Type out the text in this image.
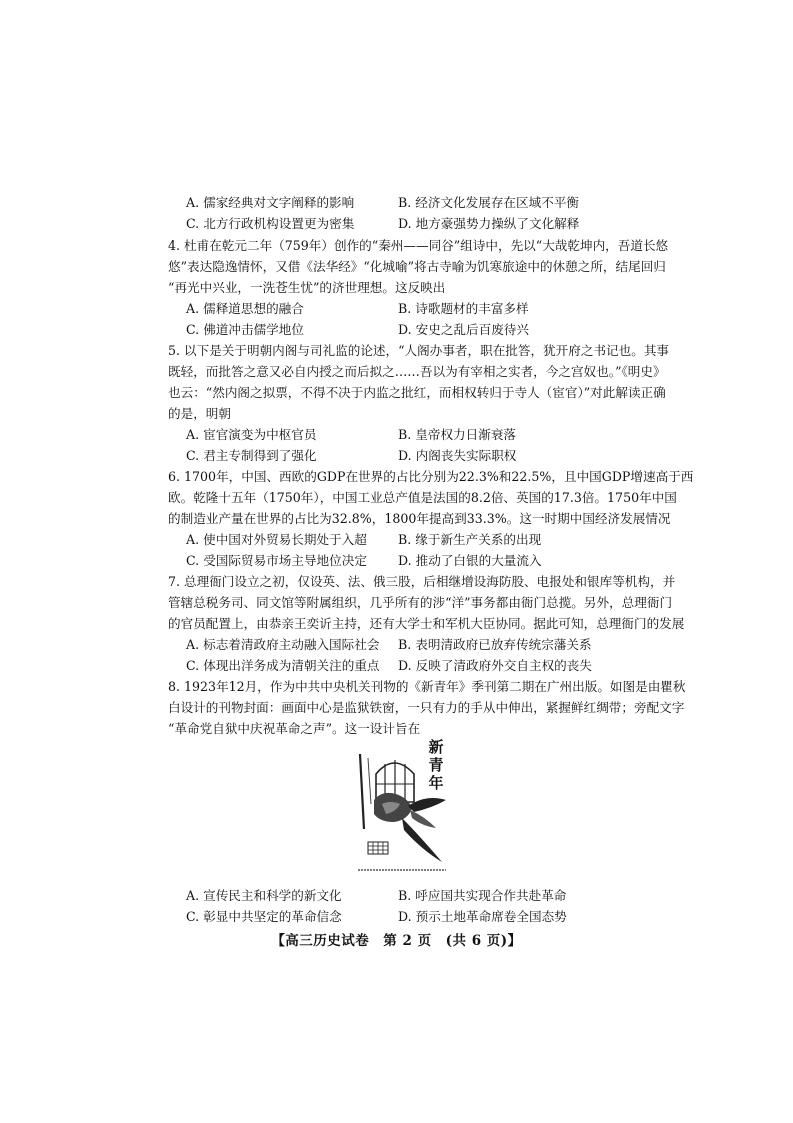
A. 儒家经典对文字阐释的影响	B. 经济文化发展存在区域不平衡
C. 北方行政机构设置更为密集	D. 地方豪强势力操纵了文化解释
4. 杜甫在乾元二年（759年）创作的“秦州——同谷”组诗中，先以“大哉乾坤内，吾道长悠
悠”表达隐逸情怀，又借《法华经》“化城喻”将古寺喻为饥寒旅途中的休憩之所，结尾回归
“再光中兴业，一洗苍生忧”的济世理想。这反映出
A. 儒释道思想的融合	B. 诗歌题材的丰富多样
C. 佛道冲击儒学地位	D. 安史之乱后百废待兴
5. 以下是关于明朝内阁与司礼监的论述，“人阁办事者，职在批答，犹开府之书记也。其事
既轻，而批答之意又必自内授之而后拟之……吾以为有宰相之实者，今之宫奴也。”《明史》
也云：“然内阁之拟票，不得不决于内监之批红，而相权转归于寺人（宦官）”对此解读正确
的是，明朝
A. 宦官演变为中枢官员	B. 皇帝权力日渐衰落
C. 君主专制得到了强化	D. 内阁丧失实际职权
6. 1700年，中国、西欧的GDP在世界的占比分别为22.3%和22.5%，且中国GDP增速高于西
欧。乾隆十五年（1750年），中国工业总产值是法国的8.2倍、英国的17.3倍。1750年中国
的制造业产量在世界的占比为32.8%，1800年提高到33.3%。这一时期中国经济发展情况
A. 使中国对外贸易长期处于入超 B. 缘于新生产关系的出现
C. 受国际贸易市场主导地位决定 D. 推动了白银的大量流入
7. 总理衙门设立之初，仅设英、法、俄三股，后相继增设海防股、电报处和银库等机构，并
管辖总税务司、同文馆等附属组织，几乎所有的涉“洋”事务都由衙门总揽。另外，总理衙门
的官员配置上，由恭亲王奕䜣主持，还有大学士和军机大臣协同。据此可知，总理衙门的发展
A. 标志着清政府主动融入国际社会 B. 表明清政府已放弃传统宗藩关系
C. 体现出洋务成为清朝关注的重点 D. 反映了清政府外交自主权的丧失
8. 1923年12月，作为中共中央机关刊物的《新青年》季刊第二期在广州出版。如图是由瞿秋
白设计的刊物封面：画面中心是监狱铁窗，一只有力的手从中伸出，紧握鲜红绸带；旁配文字
“革命党自狱中庆祝革命之声”。这一设计旨在
新
青
年
A. 宣传民主和科学的新文化	B. 呼应国共实现合作共赴革命
C. 彰显中共坚定的革命信念	D. 预示土地革命席卷全国态势
【高三历史试卷　第 2 页　(共 6 页)】
